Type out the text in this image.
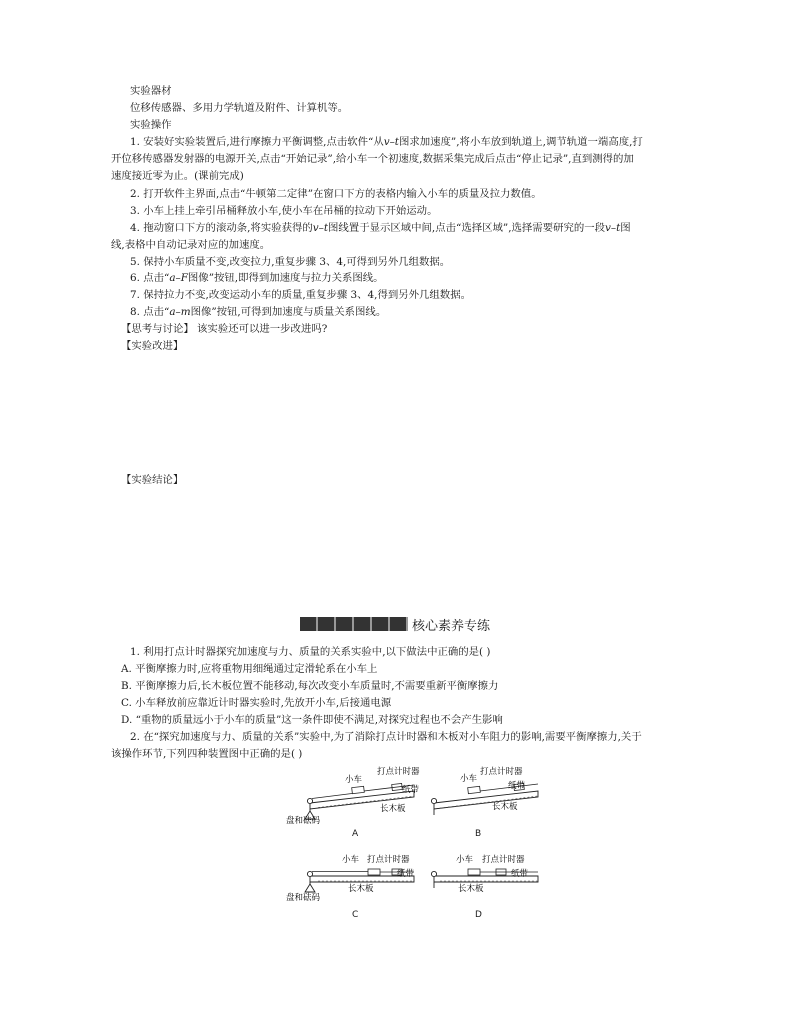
实验器材
位移传感器、多用力学轨道及附件、计算机等。
实验操作
1. 安装好实验装置后,进行摩擦力平衡调整,点击软件“从v–t图求加速度”,将小车放到轨道上,调节轨道一端高度,打
开位移传感器发射器的电源开关,点击“开始记录”,给小车一个初速度,数据采集完成后点击“停止记录”,直到测得的加
速度接近零为止。(课前完成)
2. 打开软件主界面,点击“牛顿第二定律”在窗口下方的表格内输入小车的质量及拉力数值。
3. 小车上挂上牵引吊桶释放小车,使小车在吊桶的拉动下开始运动。
4. 拖动窗口下方的滚动条,将实验获得的v–t图线置于显示区域中间,点击“选择区域”,选择需要研究的一段v–t图
线,表格中自动记录对应的加速度。
5. 保持小车质量不变,改变拉力,重复步骤 3、4,可得到另外几组数据。
6. 点击“a–F图像”按钮,即得到加速度与拉力关系图线。
7. 保持拉力不变,改变运动小车的质量,重复步骤 3、4,得到另外几组数据。
8. 点击“a–m图像”按钮,可得到加速度与质量关系图线。
【思考与讨论】 该实验还可以进一步改进吗?
【实验改进】
【实验结论】
核心素养专练
1. 利用打点计时器探究加速度与力、质量的关系实验中,以下做法中正确的是( )
A. 平衡摩擦力时,应将重物用细绳通过定滑轮系在小车上
B. 平衡摩擦力后,长木板位置不能移动,每次改变小车质量时,不需要重新平衡摩擦力
C. 小车释放前应靠近计时器实验时,先放开小车,后接通电源
D. “重物的质量远小于小车的质量”这一条件即使不满足,对探究过程也不会产生影响
2. 在“探究加速度与力、质量的关系”实验中,为了消除打点计时器和木板对小车阻力的影响,需要平衡摩擦力,关于
该操作环节,下列四种装置图中正确的是( )
小车
打点计时器
纸带
长木板
盘和砝码
A
小车
打点计时器
纸带
长木板
B
小车 打点计时器
纸带
长木板
盘和砝码
C
小车 打点计时器
纸带
长木板
D
